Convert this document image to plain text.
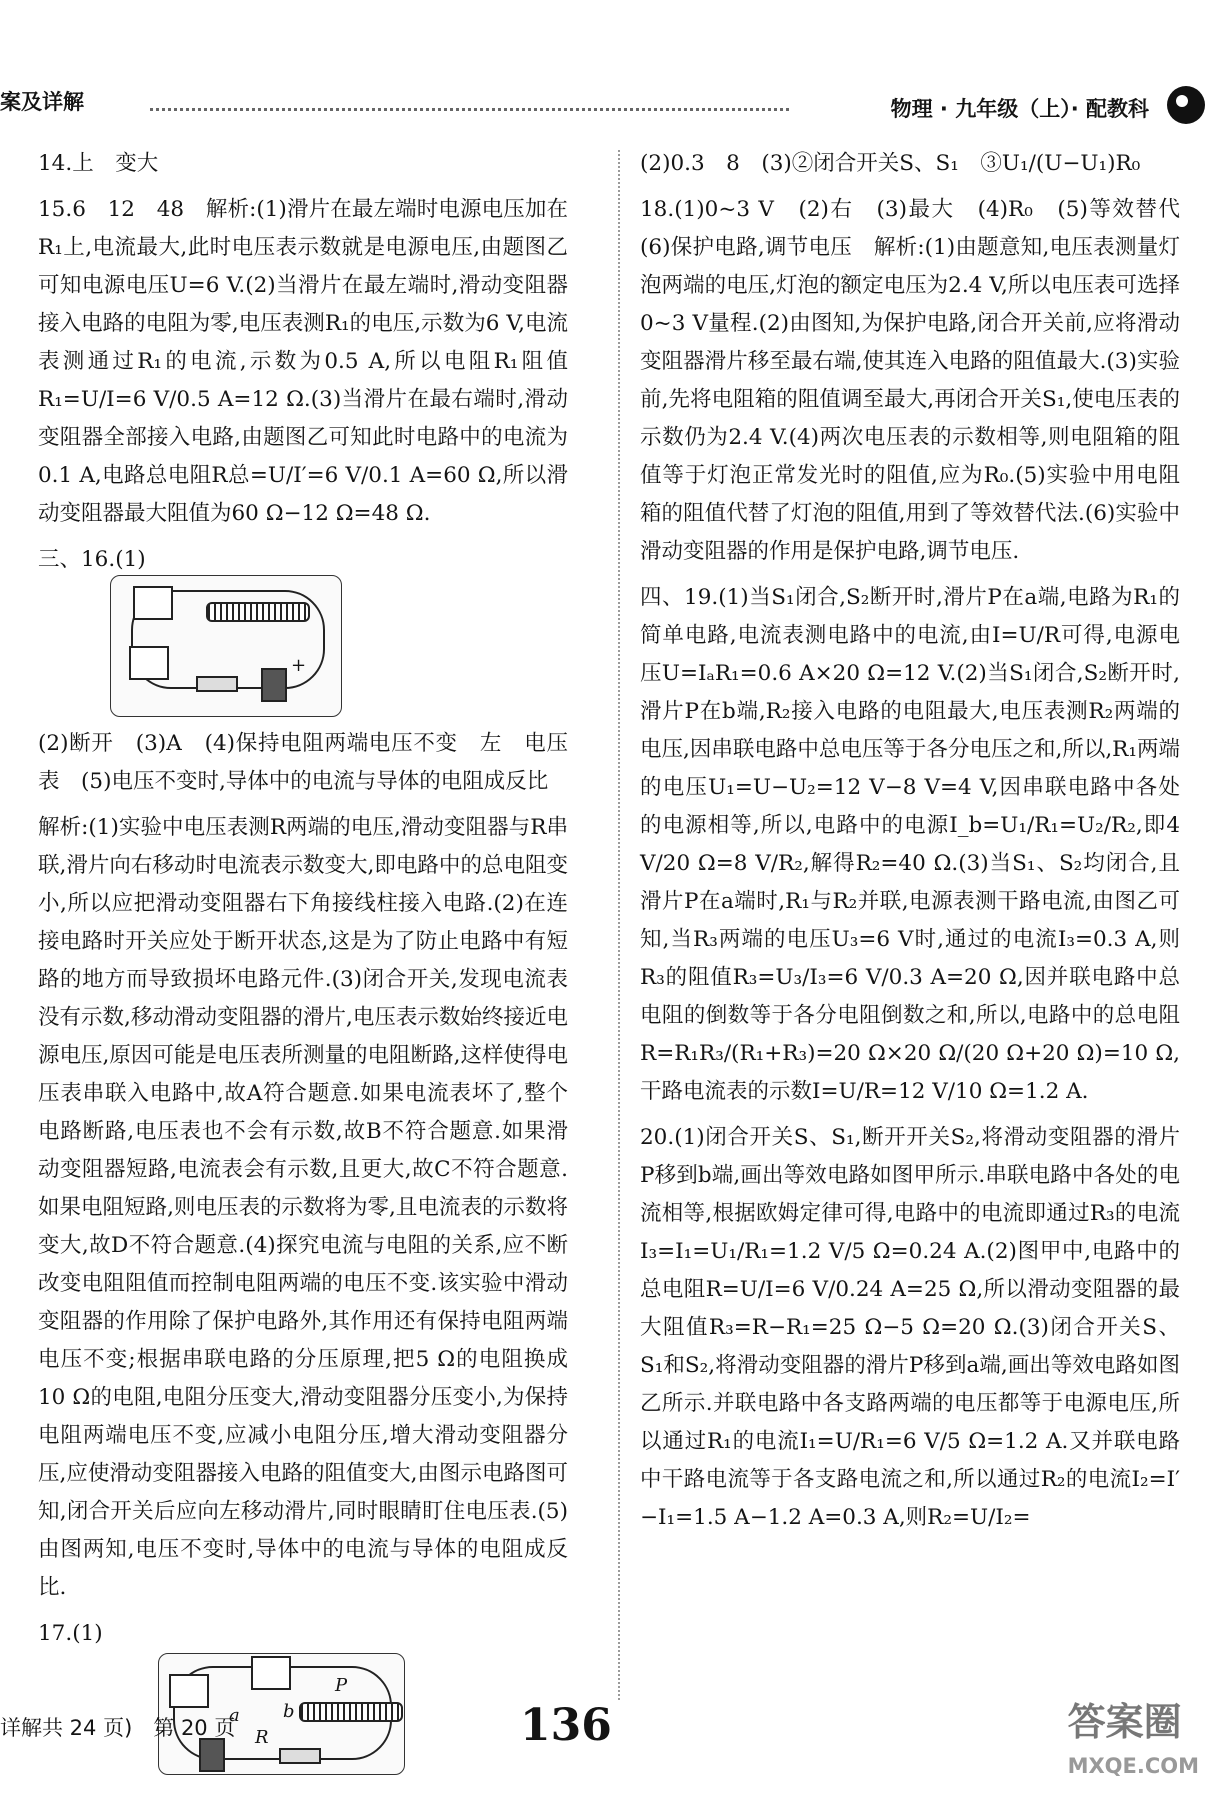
案及详解	物理 · 九年级（上）· 配教科

14.上　变大

15.6　12　48　解析:(1)滑片在最左端时电源电压加在R₁上,电流最大,此时电压表示数就是电源电压,由题图乙可知电源电压U=6 V.(2)当滑片在最左端时,滑动变阻器接入电路的电阻为零,电压表测R₁的电压,示数为6 V,电流表测通过R₁的电流,示数为0.5 A,所以电阻R₁阻值R₁=U/I=6 V/0.5 A=12 Ω.(3)当滑片在最右端时,滑动变阻器全部接入电路,由题图乙可知此时电路中的电流为0.1 A,电路总电阻R总=U/I′=6 V/0.1 A=60 Ω,所以滑动变阻器最大阻值为60 Ω−12 Ω=48 Ω.

三、16.(1)

+

(2)断开　(3)A　(4)保持电阻两端电压不变　左　电压表　(5)电压不变时,导体中的电流与导体的电阻成反比

解析:(1)实验中电压表测R两端的电压,滑动变阻器与R串联,滑片向右移动时电流表示数变大,即电路中的总电阻变小,所以应把滑动变阻器右下角接线柱接入电路.(2)在连接电路时开关应处于断开状态,这是为了防止电路中有短路的地方而导致损坏电路元件.(3)闭合开关,发现电流表没有示数,移动滑动变阻器的滑片,电压表示数始终接近电源电压,原因可能是电压表所测量的电阻断路,这样使得电压表串联入电路中,故A符合题意.如果电流表坏了,整个电路断路,电压表也不会有示数,故B不符合题意.如果滑动变阻器短路,电流表会有示数,且更大,故C不符合题意.如果电阻短路,则电压表的示数将为零,且电流表的示数将变大,故D不符合题意.(4)探究电流与电阻的关系,应不断改变电阻阻值而控制电阻两端的电压不变.该实验中滑动变阻器的作用除了保护电路外,其作用还有保持电阻两端电压不变;根据串联电路的分压原理,把5 Ω的电阻换成10 Ω的电阻,电阻分压变大,滑动变阻器分压变小,为保持电阻两端电压不变,应减小电阻分压,增大滑动变阻器分压,应使滑动变阻器接入电路的阻值变大,由图示电路图可知,闭合开关后应向左移动滑片,同时眼睛盯住电压表.(5)由图两知,电压不变时,导体中的电流与导体的电阻成反比.

17.(1)

P
a b
R

(2)0.3　8　(3)②闭合开关S、S₁　③U₁/(U−U₁)R₀

18.(1)0~3 V　(2)右　(3)最大　(4)R₀　(5)等效替代　(6)保护电路,调节电压　解析:(1)由题意知,电压表测量灯泡两端的电压,灯泡的额定电压为2.4 V,所以电压表可选择0~3 V量程.(2)由图知,为保护电路,闭合开关前,应将滑动变阻器滑片移至最右端,使其连入电路的阻值最大.(3)实验前,先将电阻箱的阻值调至最大,再闭合开关S₁,使电压表的示数仍为2.4 V.(4)两次电压表的示数相等,则电阻箱的阻值等于灯泡正常发光时的阻值,应为R₀.(5)实验中用电阻箱的阻值代替了灯泡的阻值,用到了等效替代法.(6)实验中滑动变阻器的作用是保护电路,调节电压.

四、19.(1)当S₁闭合,S₂断开时,滑片P在a端,电路为R₁的简单电路,电流表测电路中的电流,由I=U/R可得,电源电压U=IₐR₁=0.6 A×20 Ω=12 V.(2)当S₁闭合,S₂断开时,滑片P在b端,R₂接入电路的电阻最大,电压表测R₂两端的电压,因串联电路中总电压等于各分电压之和,所以,R₁两端的电压U₁=U−U₂=12 V−8 V=4 V,因串联电路中各处的电源相等,所以,电路中的电源I_b=U₁/R₁=U₂/R₂,即4 V/20 Ω=8 V/R₂,解得R₂=40 Ω.(3)当S₁、S₂均闭合,且滑片P在a端时,R₁与R₂并联,电源表测干路电流,由图乙可知,当R₃两端的电压U₃=6 V时,通过的电流I₃=0.3 A,则R₃的阻值R₃=U₃/I₃=6 V/0.3 A=20 Ω,因并联电路中总电阻的倒数等于各分电阻倒数之和,所以,电路中的总电阻R=R₁R₃/(R₁+R₃)=20 Ω×20 Ω/(20 Ω+20 Ω)=10 Ω,干路电流表的示数I=U/R=12 V/10 Ω=1.2 A.

20.(1)闭合开关S、S₁,断开开关S₂,将滑动变阻器的滑片P移到b端,画出等效电路如图甲所示.串联电路中各处的电流相等,根据欧姆定律可得,电路中的电流即通过R₃的电流I₃=I₁=U₁/R₁=1.2 V/5 Ω=0.24 A.(2)图甲中,电路中的总电阻R=U/I=6 V/0.24 A=25 Ω,所以滑动变阻器的最大阻值R₃=R−R₁=25 Ω−5 Ω=20 Ω.(3)闭合开关S、S₁和S₂,将滑动变阻器的滑片P移到a端,画出等效电路如图乙所示.并联电路中各支路两端的电压都等于电源电压,所以通过R₁的电流I₁=U/R₁=6 V/5 Ω=1.2 A.又并联电路中干路电流等于各支路电流之和,所以通过R₂的电流I₂=I′−I₁=1.5 A−1.2 A=0.3 A,则R₂=U/I₂=

详解共 24 页)　第 20 页	136	答案圈
MXQE.COM
